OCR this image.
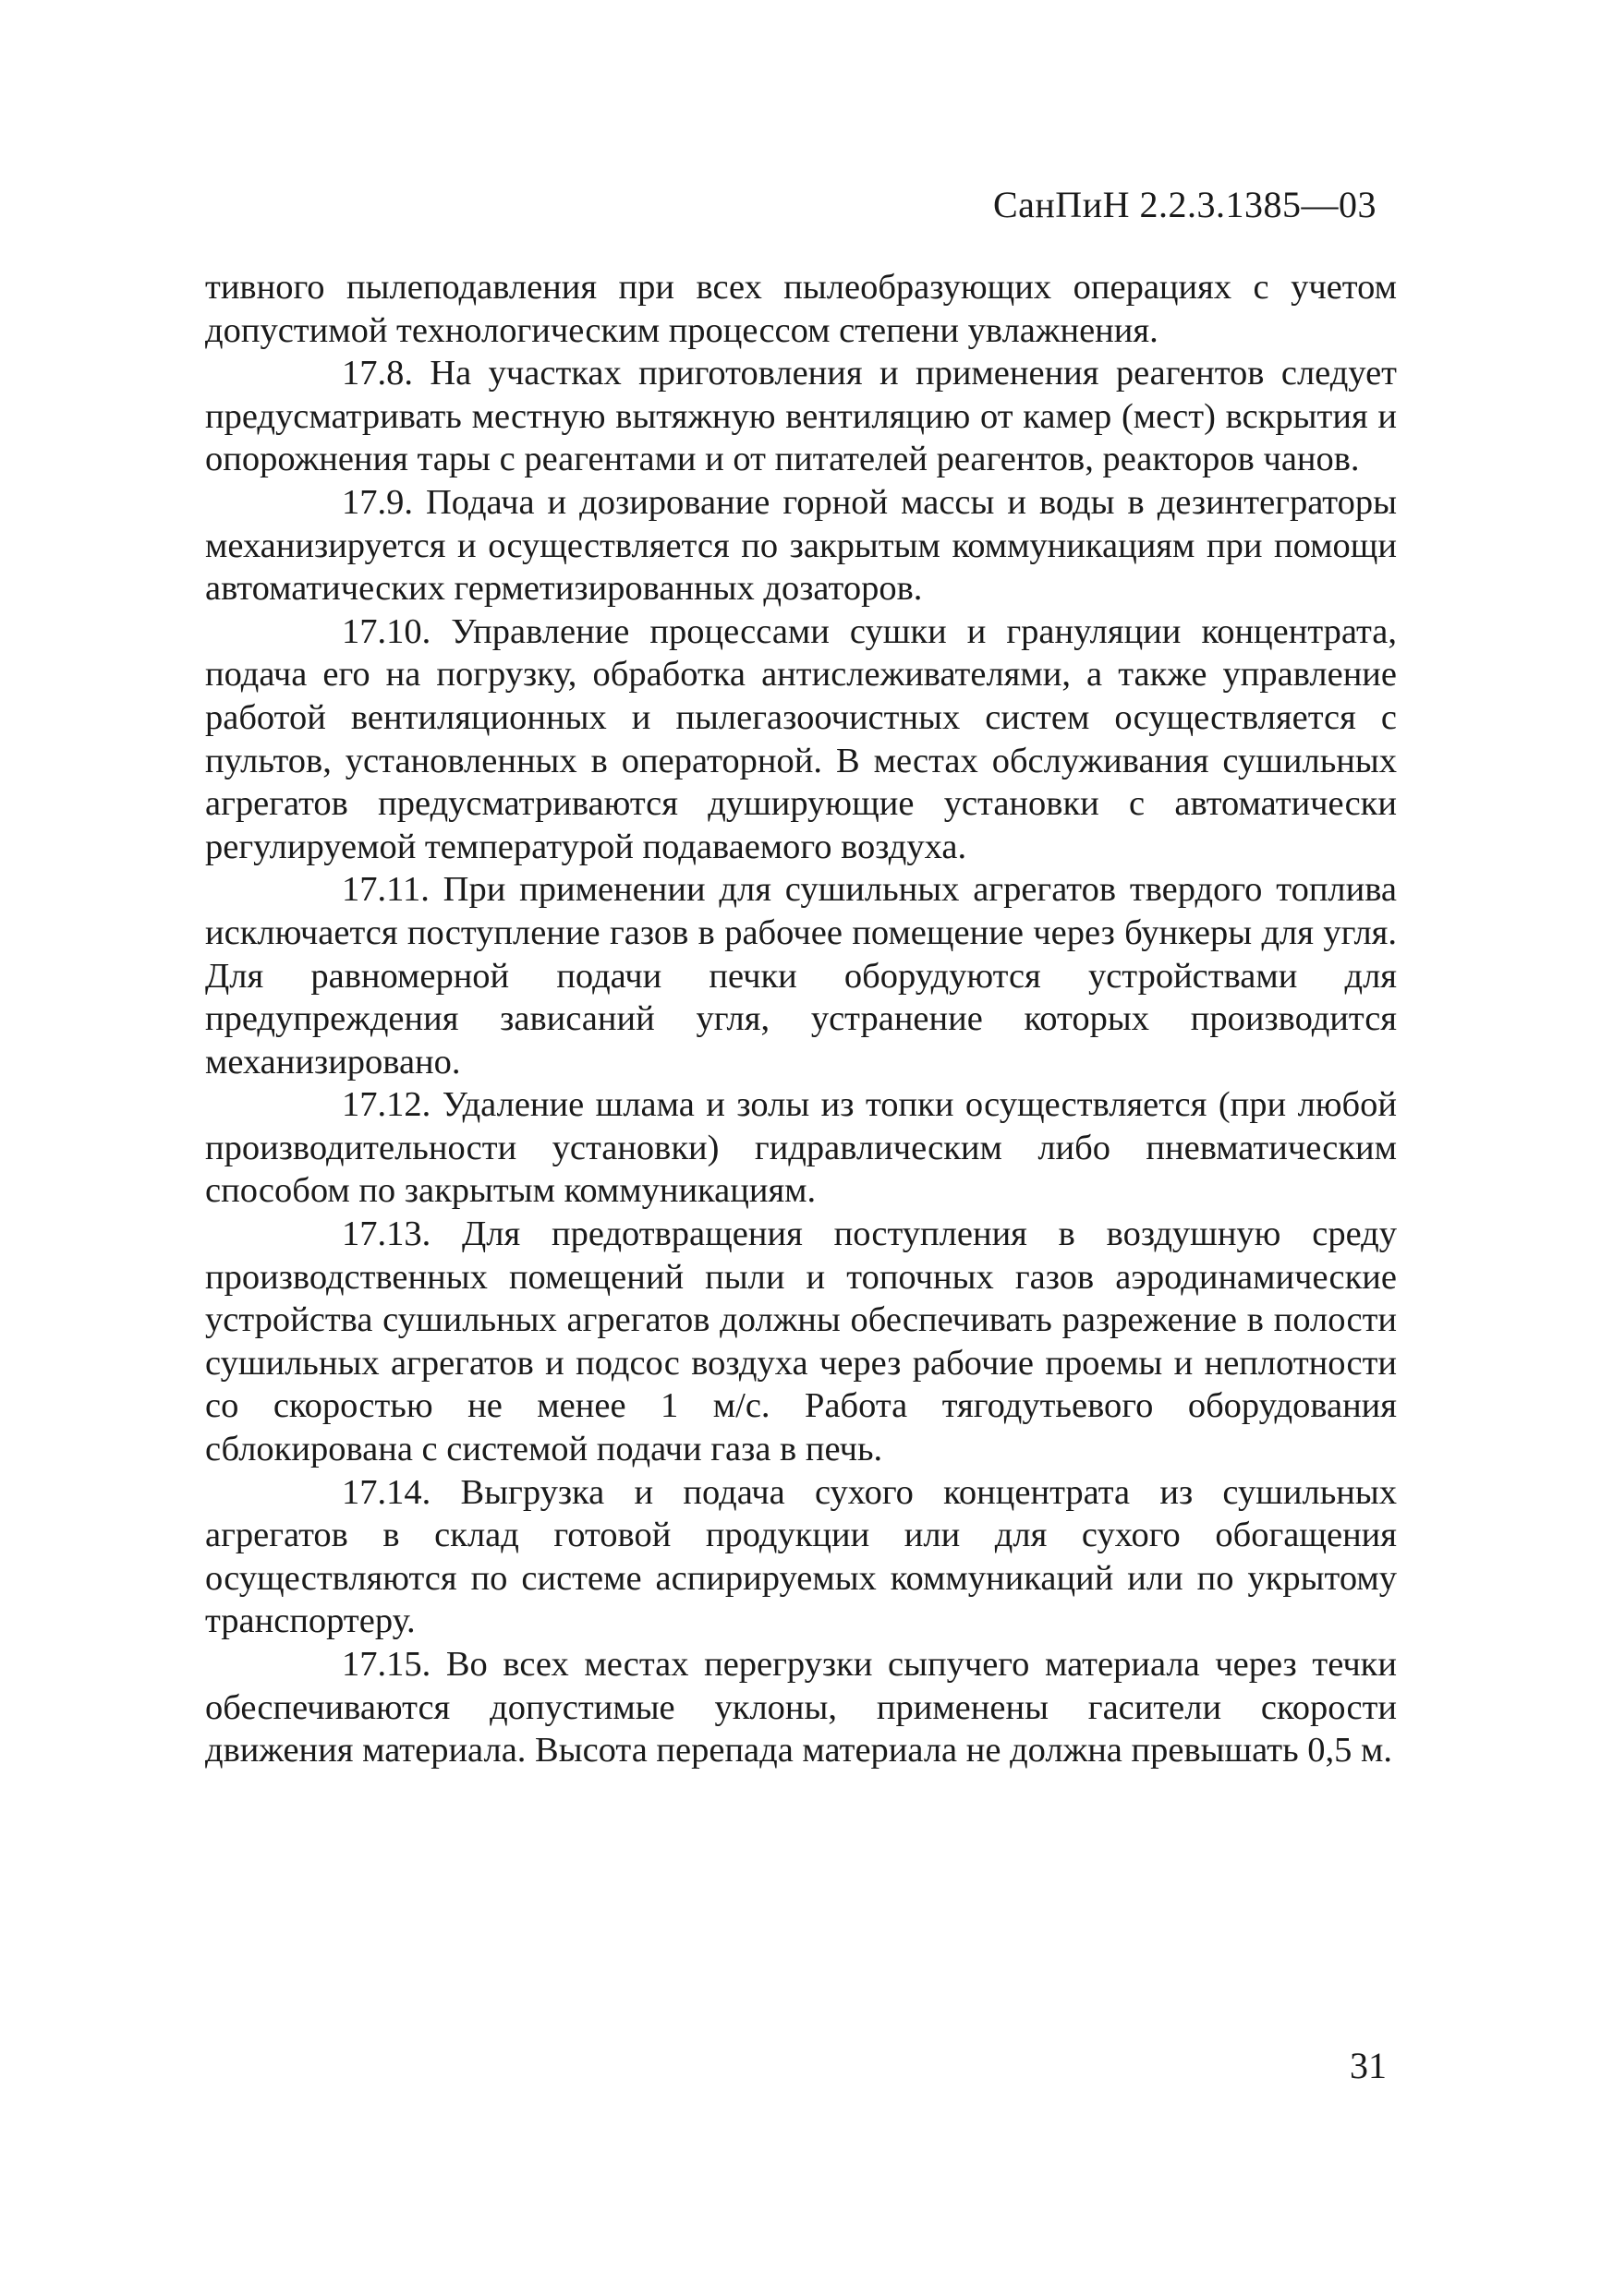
СанПиН 2.2.3.1385—03

тивного пылеподавления при всех пылеобразующих операциях с учетом допустимой технологическим процессом степени увлажнения.

17.8. На участках приготовления и применения реагентов следует предусматривать местную вытяжную вентиляцию от камер (мест) вскрытия и опорожнения тары с реагентами и от питателей реагентов, реакторов чанов.

17.9. Подача и дозирование горной массы и воды в дезинтеграторы механизируется и осуществляется по закрытым коммуникациям при помощи автоматических герметизированных дозаторов.

17.10. Управление процессами сушки и грануляции концентрата, подача его на погрузку, обработка антислеживателями, а также управление работой вентиляционных и пылегазоочистных систем осуществляется с пультов, установленных в операторной. В местах обслуживания сушильных агрегатов предусматриваются душирующие установки с автоматически регулируемой температурой подаваемого воздуха.

17.11. При применении для сушильных агрегатов твердого топлива исключается поступление газов в рабочее помещение через бункеры для угля. Для равномерной подачи печки оборудуются устройствами для предупреждения зависаний угля, устранение которых производится механизировано.

17.12. Удаление шлама и золы из топки осуществляется (при любой производительности установки) гидравлическим либо пневматическим способом по закрытым коммуникациям.

17.13. Для предотвращения поступления в воздушную среду производственных помещений пыли и топочных газов аэродинамические устройства сушильных агрегатов должны обеспечивать разрежение в полости сушильных агрегатов и подсос воздуха через рабочие проемы и неплотности со скоростью не менее 1 м/с. Работа тягодутьевого оборудования сблокирована с системой подачи газа в печь.

17.14. Выгрузка и подача сухого концентрата из сушильных агрегатов в склад готовой продукции или для сухого обогащения осуществляются по системе аспирируемых коммуникаций или по укрытому транспортеру.

17.15. Во всех местах перегрузки сыпучего материала через течки обеспечиваются допустимые уклоны, применены гасители скорости движения материала. Высота перепада материала не должна превышать 0,5 м.

31
